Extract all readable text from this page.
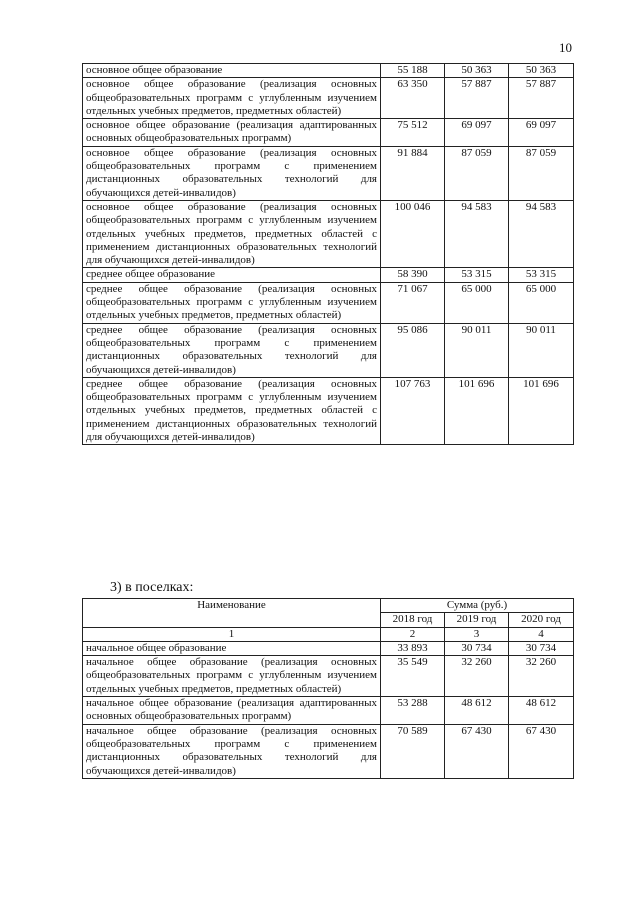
10
основное общее образование	55 188	50 363	50 363
основное общее образование (реализация основных общеобразовательных программ с углубленным изучением отдельных учебных предметов, предметных областей)	63 350	57 887	57 887
основное общее образование (реализация адаптированных основных общеобразовательных программ)	75 512	69 097	69 097
основное общее образование (реализация основных общеобразовательных программ с применением дистанционных образовательных технологий для обучающихся детей-инвалидов)	91 884	87 059	87 059
основное общее образование (реализация основных общеобразовательных программ с углубленным изучением отдельных учебных предметов, предметных областей с применением дистанционных образовательных технологий для обучающихся детей-инвалидов)	100 046	94 583	94 583
среднее общее образование	58 390	53 315	53 315
среднее общее образование (реализация основных общеобразовательных программ с углубленным изучением отдельных учебных предметов, предметных областей)	71 067	65 000	65 000
среднее общее образование (реализация основных общеобразовательных программ с применением дистанционных образовательных технологий для обучающихся детей-инвалидов)	95 086	90 011	90 011
среднее общее образование (реализация основных общеобразовательных программ с углубленным изучением отдельных учебных предметов, предметных областей с применением дистанционных образовательных технологий для обучающихся детей-инвалидов)	107 763	101 696	101 696
3) в поселках:
Наименование	Сумма (руб.)		
	2018 год	2019 год	2020 год
1	2	3	4
начальное общее образование	33 893	30 734	30 734
начальное общее образование (реализация основных общеобразовательных программ с углубленным изучением отдельных учебных предметов, предметных областей)	35 549	32 260	32 260
начальное общее образование (реализация адаптированных основных общеобразовательных программ)	53 288	48 612	48 612
начальное общее образование (реализация основных общеобразовательных программ с применением дистанционных образовательных технологий для обучающихся детей-инвалидов)	70 589	67 430	67 430
